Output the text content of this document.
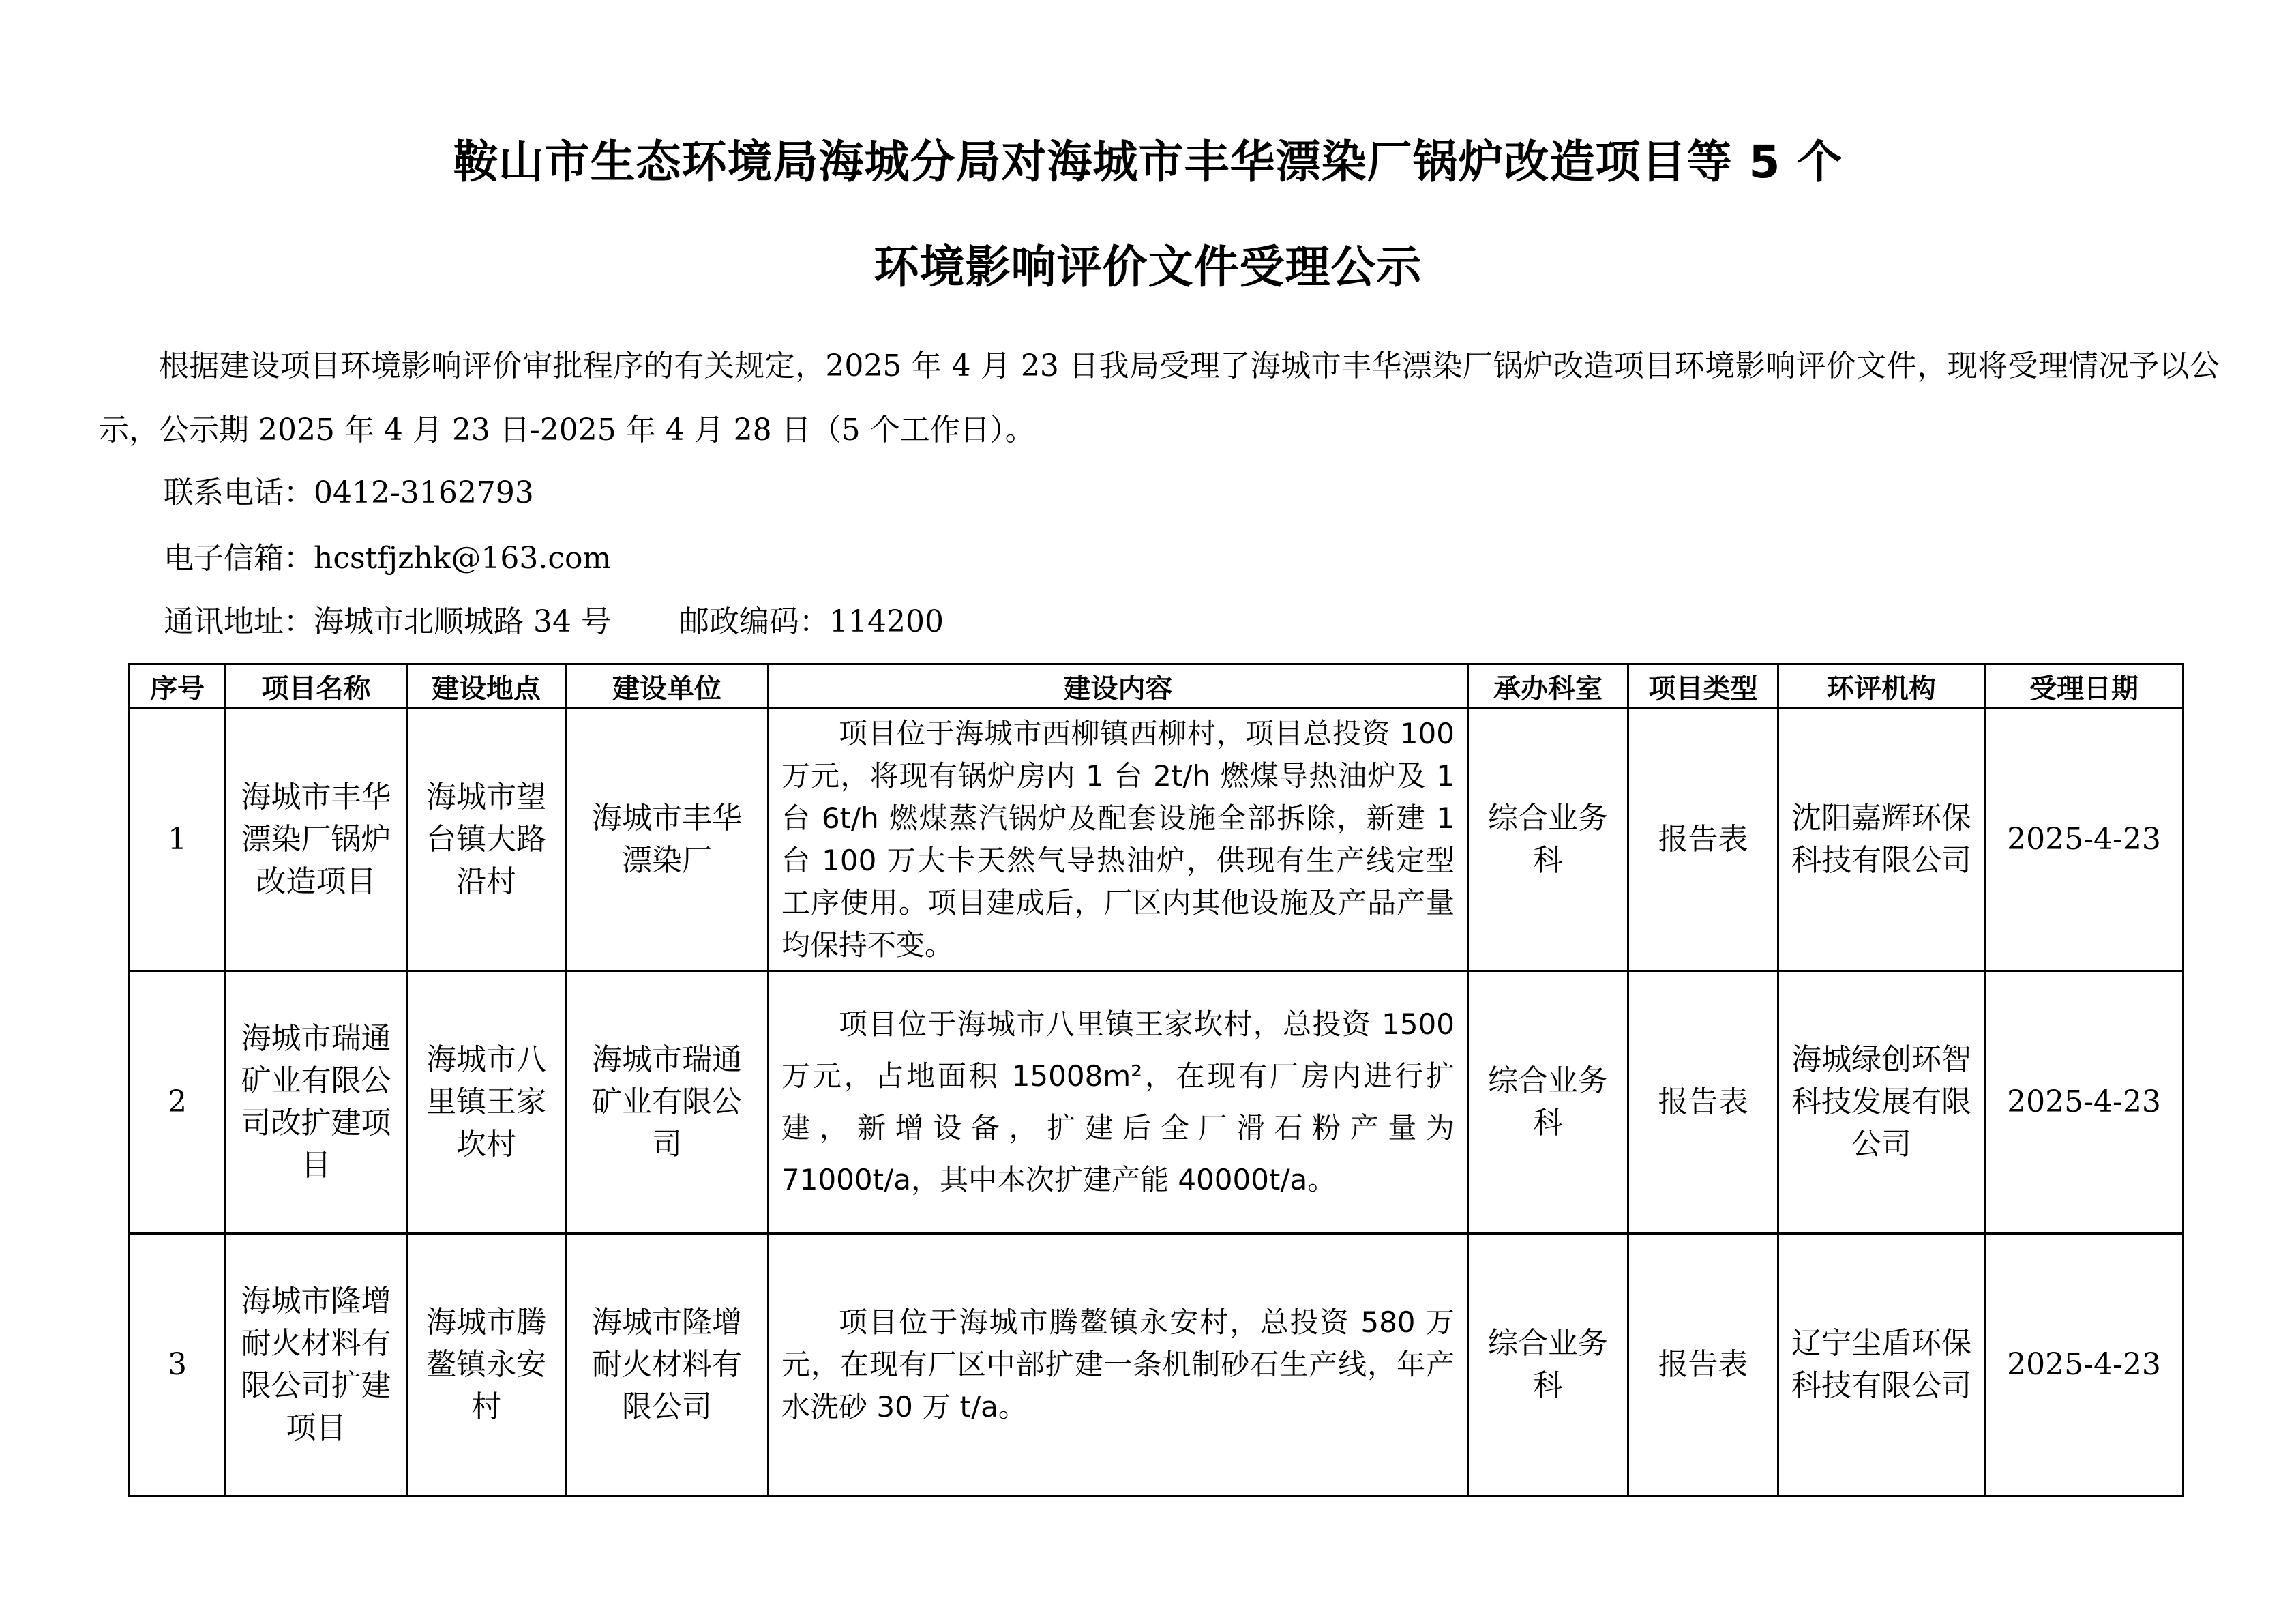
鞍山市生态环境局海城分局对海城市丰华漂染厂锅炉改造项目等 5 个
环境影响评价文件受理公示
根据建设项目环境影响评价审批程序的有关规定，2025 年 4 月 23 日我局受理了海城市丰华漂染厂锅炉改造项目环境影响评价文件，现将受理情况予以公示，公示期 2025 年 4 月 23 日-2025 年 4 月 28 日（5 个工作日）。
联系电话：0412-3162793
电子信箱：hcstfjzhk@163.com
通讯地址：海城市北顺城路 34 号 邮政编码：114200
序号	项目名称	建设地点	建设单位	建设内容	承办科室	项目类型	环评机构	受理日期
1	海城市丰华漂染厂锅炉改造项目	海城市望台镇大路沿村	海城市丰华漂染厂	项目位于海城市西柳镇西柳村，项目总投资 100 万元，将现有锅炉房内 1 台 2t/h 燃煤导热油炉及 1 台 6t/h 燃煤蒸汽锅炉及配套设施全部拆除，新建 1 台 100 万大卡天然气导热油炉，供现有生产线定型工序使用。项目建成后，厂区内其他设施及产品产量均保持不变。	综合业务科	报告表	沈阳嘉辉环保科技有限公司	2025-4-23
2	海城市瑞通矿业有限公司改扩建项目	海城市八里镇王家坎村	海城市瑞通矿业有限公司	项目位于海城市八里镇王家坎村，总投资 1500 万元，占地面积 15008m²，在现有厂房内进行扩建，新增设备，扩建后全厂滑石粉产量为 71000t/a，其中本次扩建产能 40000t/a。	综合业务科	报告表	海城绿创环智科技发展有限公司	2025-4-23
3	海城市隆增耐火材料有限公司扩建项目	海城市腾鳌镇永安村	海城市隆增耐火材料有限公司	项目位于海城市腾鳌镇永安村，总投资 580 万元，在现有厂区中部扩建一条机制砂石生产线，年产水洗砂 30 万 t/a。	综合业务科	报告表	辽宁尘盾环保科技有限公司	2025-4-23
